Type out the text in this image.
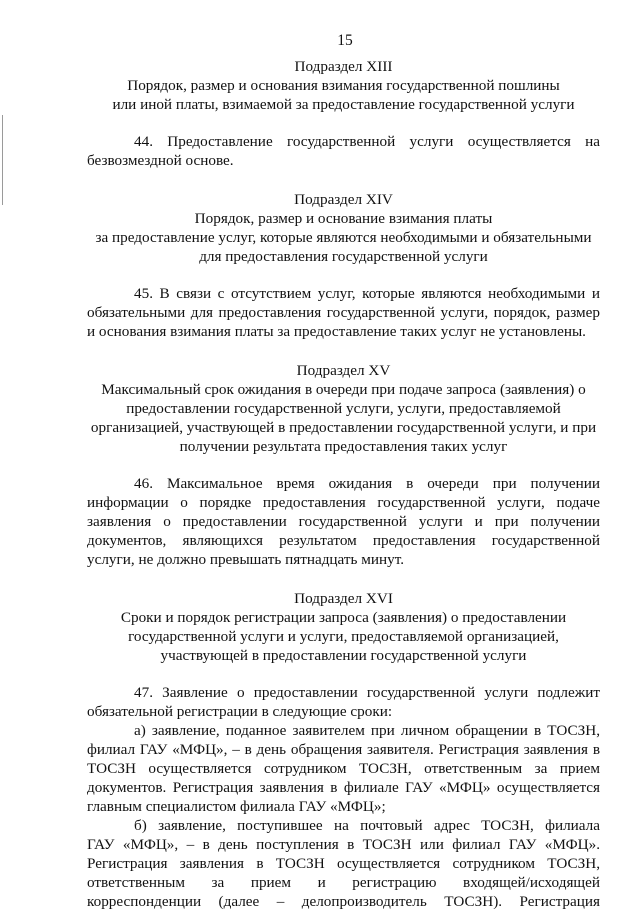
15
Подраздел XIII
Порядок, размер и основания взимания государственной пошлины
или иной платы, взимаемой за предоставление государственной услуги
44. Предоставление государственной услуги осуществляется на
безвозмездной основе.
Подраздел XIV
Порядок, размер и основание взимания платы
за предоставление услуг, которые являются необходимыми и обязательными
для предоставления государственной услуги
45. В связи с отсутствием услуг, которые являются необходимыми и
обязательными для предоставления государственной услуги, порядок, размер
и основания взимания платы за предоставление таких услуг не установлены.
Подраздел XV
Максимальный срок ожидания в очереди при подаче запроса (заявления) о
предоставлении государственной услуги, услуги, предоставляемой
организацией, участвующей в предоставлении государственной услуги, и при
получении результата предоставления таких услуг
46. Максимальное время ожидания в очереди при получении
информации о порядке предоставления государственной услуги, подаче
заявления о предоставлении государственной услуги и при получении
документов, являющихся результатом предоставления государственной
услуги, не должно превышать пятнадцать минут.
Подраздел XVI
Сроки и порядок регистрации запроса (заявления) о предоставлении
государственной услуги и услуги, предоставляемой организацией,
участвующей в предоставлении государственной услуги
47. Заявление о предоставлении государственной услуги подлежит
обязательной регистрации в следующие сроки:
а) заявление, поданное заявителем при личном обращении в ТОСЗН,
филиал ГАУ «МФЦ», – в день обращения заявителя. Регистрация заявления в
ТОСЗН осуществляется сотрудником ТОСЗН, ответственным за прием
документов. Регистрация заявления в филиале ГАУ «МФЦ» осуществляется
главным специалистом филиала ГАУ «МФЦ»;
б) заявление, поступившее на почтовый адрес ТОСЗН, филиала
ГАУ «МФЦ», – в день поступления в ТОСЗН или филиал ГАУ «МФЦ».
Регистрация заявления в ТОСЗН осуществляется сотрудником ТОСЗН,
ответственным за прием и регистрацию входящей/исходящей
корреспонденции (далее – делопроизводитель ТОСЗН). Регистрация
